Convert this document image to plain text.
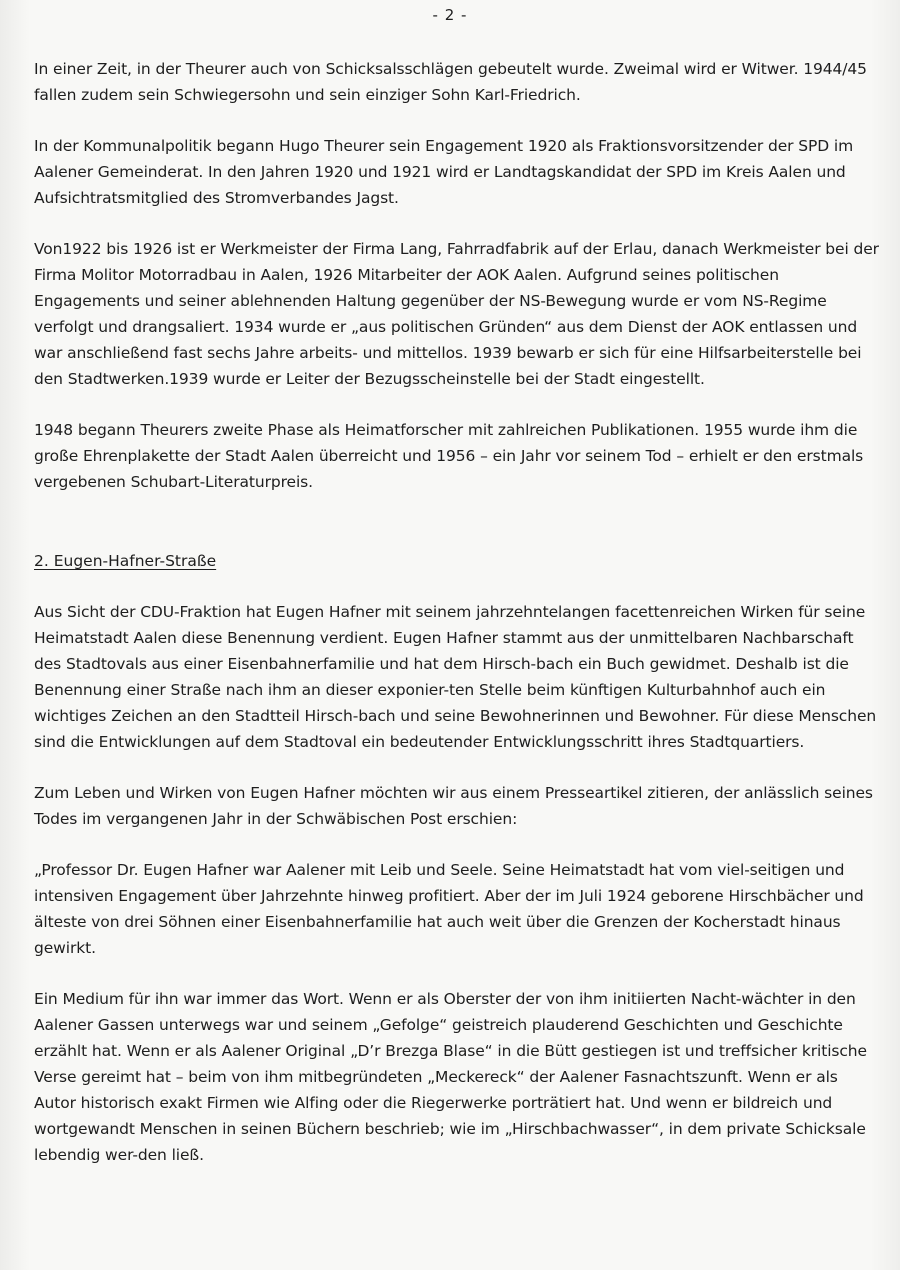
- 2 -

In einer Zeit, in der Theurer auch von Schicksalsschlägen gebeutelt wurde. Zweimal wird er Witwer. 1944/45 fallen zudem sein Schwiegersohn und sein einziger Sohn Karl-Friedrich.

In der Kommunalpolitik begann Hugo Theurer sein Engagement 1920 als Fraktionsvorsitzender der SPD im Aalener Gemeinderat. In den Jahren 1920 und 1921 wird er Landtagskandidat der SPD im Kreis Aalen und Aufsichtratsmitglied des Stromverbandes Jagst.

Von1922 bis 1926 ist er Werkmeister der Firma Lang, Fahrradfabrik auf der Erlau, danach Werkmeister bei der Firma Molitor Motorradbau in Aalen, 1926 Mitarbeiter der AOK Aalen. Aufgrund seines politischen Engagements und seiner ablehnenden Haltung gegenüber der NS-Bewegung wurde er vom NS-Regime verfolgt und drangsaliert. 1934 wurde er „aus politischen Gründen“ aus dem Dienst der AOK entlassen und war anschließend fast sechs Jahre arbeits- und mittellos. 1939 bewarb er sich für eine Hilfsarbeiterstelle bei den Stadtwerken.1939 wurde er Leiter der Bezugsscheinstelle bei der Stadt eingestellt.

1948 begann Theurers zweite Phase als Heimatforscher mit zahlreichen Publikationen. 1955 wurde ihm die große Ehrenplakette der Stadt Aalen überreicht und 1956 – ein Jahr vor seinem Tod – erhielt er den erstmals vergebenen Schubart-Literaturpreis.

2. Eugen-Hafner-Straße

Aus Sicht der CDU-Fraktion hat Eugen Hafner mit seinem jahrzehntelangen facettenreichen Wirken für seine Heimatstadt Aalen diese Benennung verdient. Eugen Hafner stammt aus der unmittelbaren Nachbarschaft des Stadtovals aus einer Eisenbahnerfamilie und hat dem Hirsch-bach ein Buch gewidmet. Deshalb ist die Benennung einer Straße nach ihm an dieser exponier-ten Stelle beim künftigen Kulturbahnhof auch ein wichtiges Zeichen an den Stadtteil Hirsch-bach und seine Bewohnerinnen und Bewohner. Für diese Menschen sind die Entwicklungen auf dem Stadtoval ein bedeutender Entwicklungsschritt ihres Stadtquartiers.

Zum Leben und Wirken von Eugen Hafner möchten wir aus einem Presseartikel zitieren, der anlässlich seines Todes im vergangenen Jahr in der Schwäbischen Post erschien:

„Professor Dr. Eugen Hafner war Aalener mit Leib und Seele. Seine Heimatstadt hat vom viel-seitigen und intensiven Engagement über Jahrzehnte hinweg profitiert. Aber der im Juli 1924 geborene Hirschbächer und älteste von drei Söhnen einer Eisenbahnerfamilie hat auch weit über die Grenzen der Kocherstadt hinaus gewirkt.

Ein Medium für ihn war immer das Wort. Wenn er als Oberster der von ihm initiierten Nacht-wächter in den Aalener Gassen unterwegs war und seinem „Gefolge“ geistreich plauderend Geschichten und Geschichte erzählt hat. Wenn er als Aalener Original „D’r Brezga Blase“ in die Bütt gestiegen ist und treffsicher kritische Verse gereimt hat – beim von ihm mitbegründeten „Meckereck“ der Aalener Fasnachtszunft. Wenn er als Autor historisch exakt Firmen wie Alfing oder die Riegerwerke porträtiert hat. Und wenn er bildreich und wortgewandt Menschen in seinen Büchern beschrieb; wie im „Hirschbachwasser“, in dem private Schicksale lebendig wer-den ließ.
